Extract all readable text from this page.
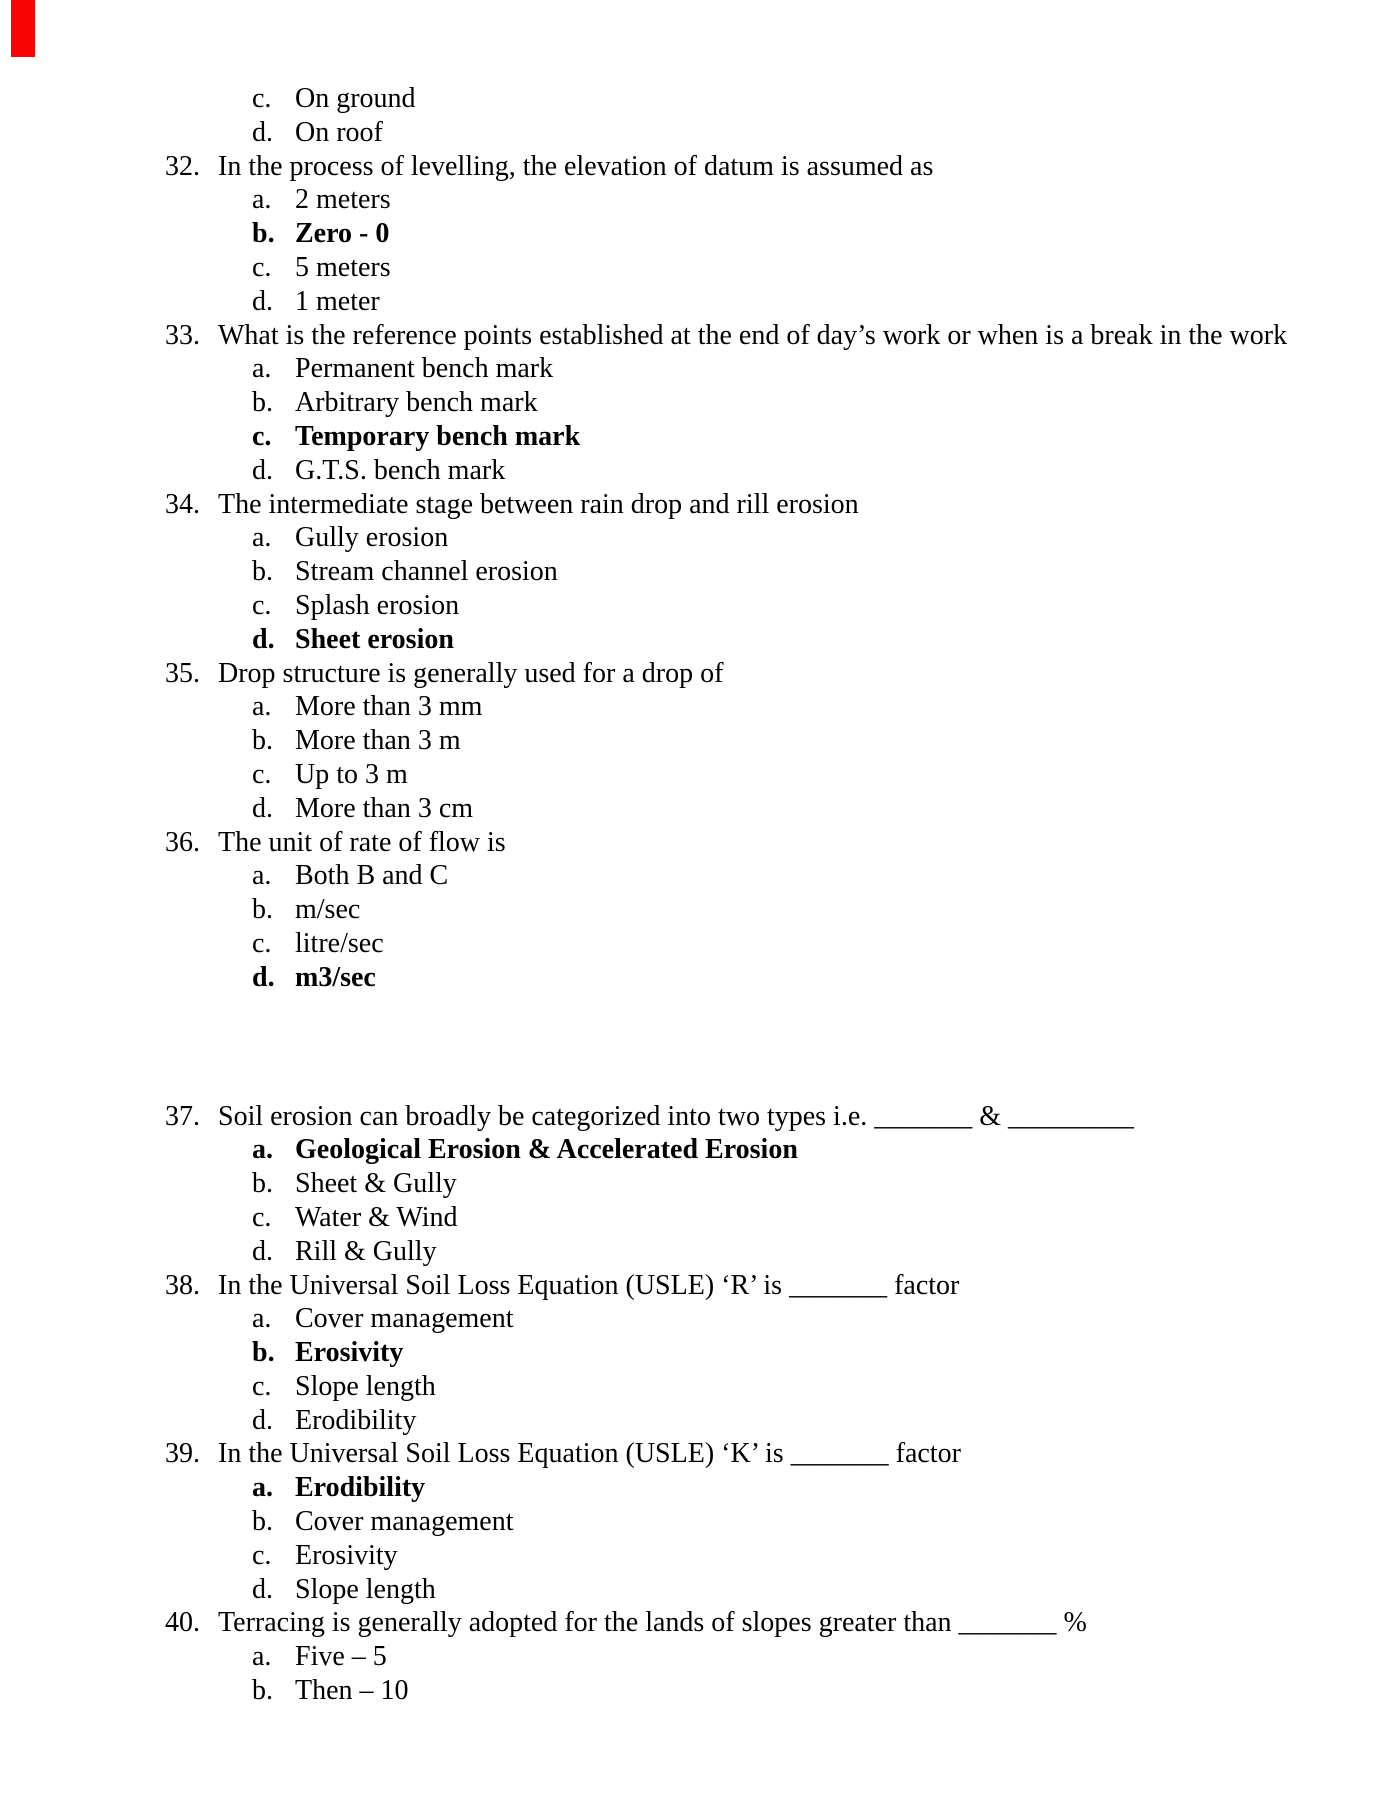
c. On ground
d. On roof
32. In the process of levelling, the elevation of datum is assumed as
a. 2 meters
b. Zero - 0
c. 5 meters
d. 1 meter
33. What is the reference points established at the end of day’s work or when is a break in the work
a. Permanent bench mark
b. Arbitrary bench mark
c. Temporary bench mark
d. G.T.S. bench mark
34. The intermediate stage between rain drop and rill erosion
a. Gully erosion
b. Stream channel erosion
c. Splash erosion
d. Sheet erosion
35. Drop structure is generally used for a drop of
a. More than 3 mm
b. More than 3 m
c. Up to 3 m
d. More than 3 cm
36. The unit of rate of flow is
a. Both B and C
b. m/sec
c. litre/sec
d. m3/sec
37. Soil erosion can broadly be categorized into two types i.e. _______ & _________
a. Geological Erosion & Accelerated Erosion
b. Sheet & Gully
c. Water & Wind
d. Rill & Gully
38. In the Universal Soil Loss Equation (USLE) ‘R’ is _______ factor
a. Cover management
b. Erosivity
c. Slope length
d. Erodibility
39. In the Universal Soil Loss Equation (USLE) ‘K’ is _______ factor
a. Erodibility
b. Cover management
c. Erosivity
d. Slope length
40. Terracing is generally adopted for the lands of slopes greater than _______ %
a. Five – 5
b. Then – 10
